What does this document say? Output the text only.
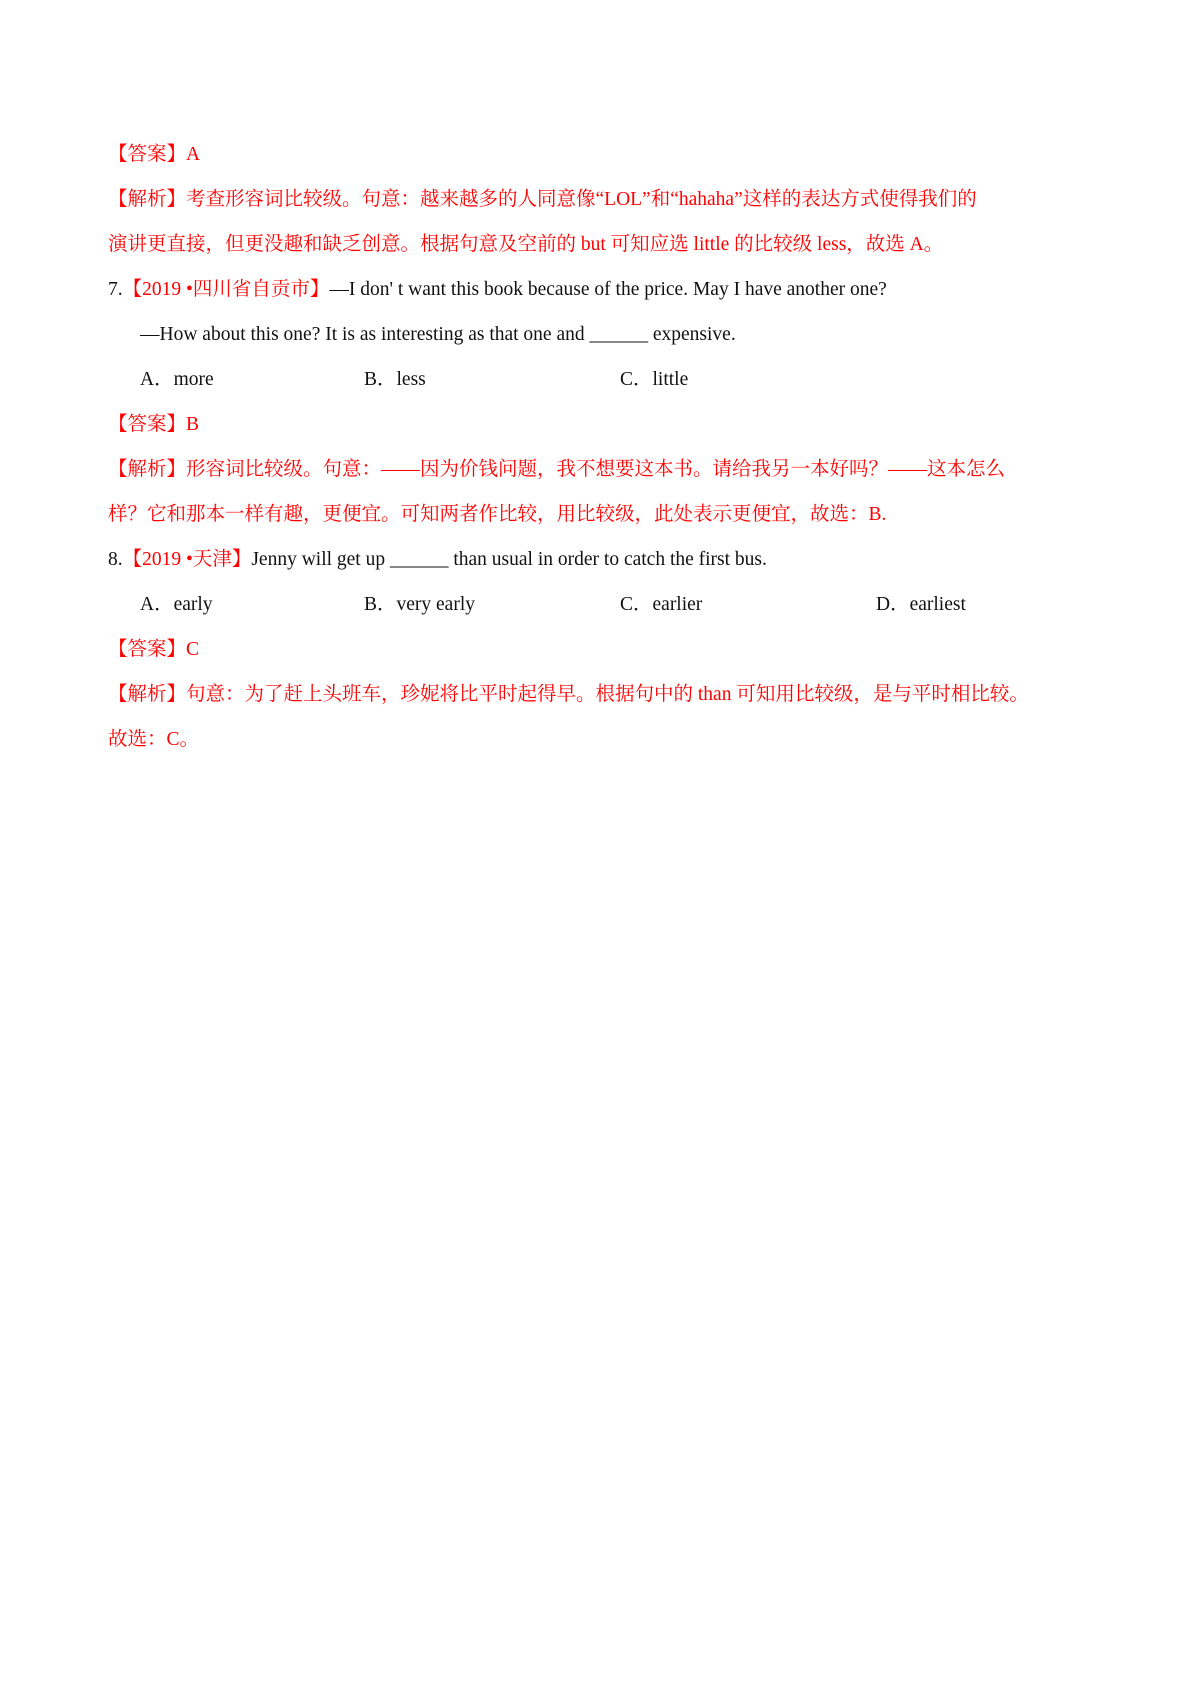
【答案】A
【解析】考查形容词比较级。句意：越来越多的人同意像“LOL”和“hahaha”这样的表达方式使得我们的
演讲更直接，但更没趣和缺乏创意。根据句意及空前的 but 可知应选 little 的比较级 less，故选 A。
7.【2019 •四川省自贡市】—I don' t want this book because of the price. May I have another one?
—How about this one? It is as interesting as that one and ______ expensive.
A．more	B．less	C．little
【答案】B
【解析】形容词比较级。句意：——因为价钱问题，我不想要这本书。请给我另一本好吗？——这本怎么
样？它和那本一样有趣，更便宜。可知两者作比较，用比较级，此处表示更便宜，故选：B.
8.【2019 •天津】Jenny will get up ______ than usual in order to catch the first bus.
A．early	B．very early	C．earlier	D．earliest
【答案】C
【解析】句意：为了赶上头班车，珍妮将比平时起得早。根据句中的 than 可知用比较级，是与平时相比较。
故选：C。
